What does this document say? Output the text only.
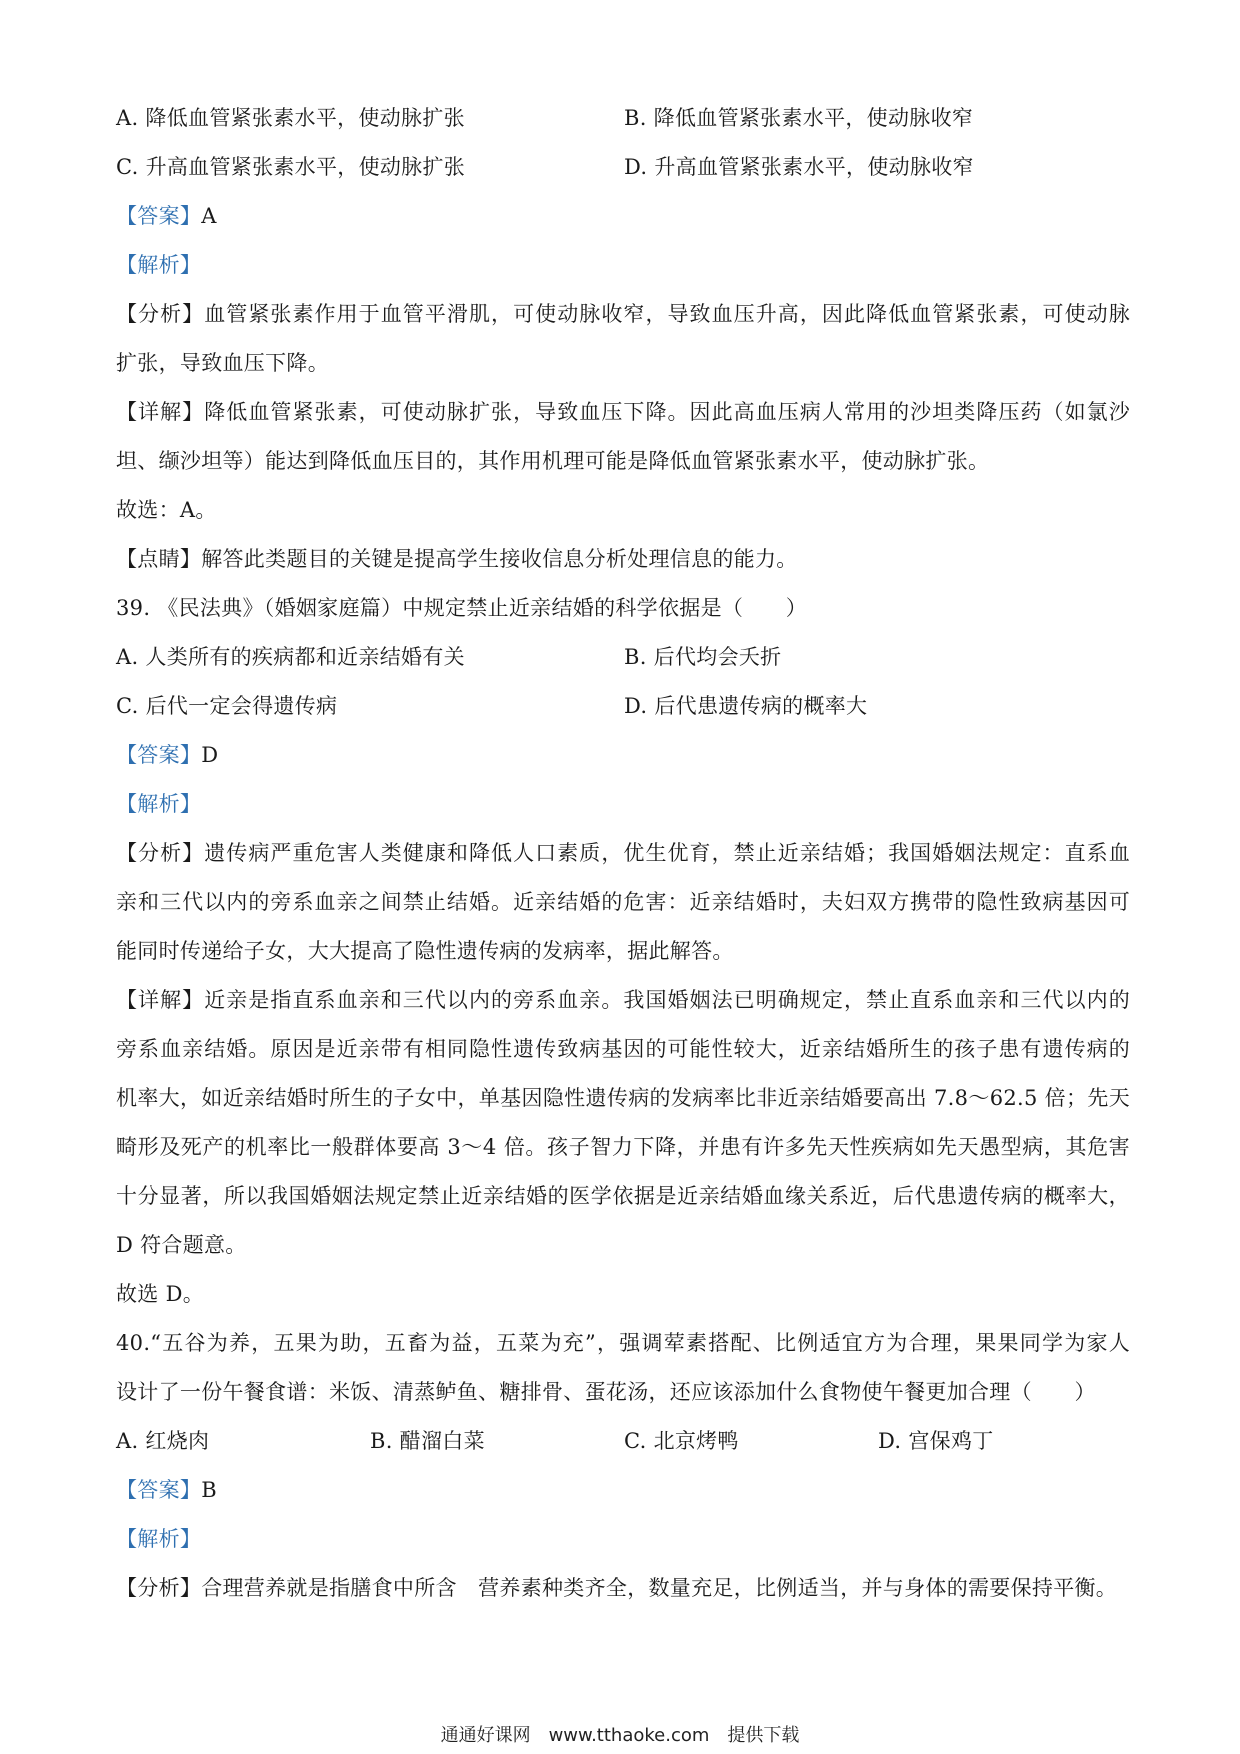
A. 降低血管紧张素水平，使动脉扩张	B. 降低血管紧张素水平，使动脉收窄
C. 升高血管紧张素水平，使动脉扩张	D. 升高血管紧张素水平，使动脉收窄
【答案】A
【解析】
【分析】血管紧张素作用于血管平滑肌，可使动脉收窄，导致血压升高，因此降低血管紧张素，可使动脉
扩张，导致血压下降。
【详解】降低血管紧张素，可使动脉扩张，导致血压下降。因此高血压病人常用的沙坦类降压药（如氯沙
坦、缬沙坦等）能达到降低血压目的，其作用机理可能是降低血管紧张素水平，使动脉扩张。
故选：A。
【点睛】解答此类题目的关键是提高学生接收信息分析处理信息的能力。
39. 《民法典》（婚姻家庭篇）中规定禁止近亲结婚的科学依据是（　　）
A. 人类所有的疾病都和近亲结婚有关	B. 后代均会夭折
C. 后代一定会得遗传病	D. 后代患遗传病的概率大
【答案】D
【解析】
【分析】遗传病严重危害人类健康和降低人口素质，优生优育，禁止近亲结婚；我国婚姻法规定：直系血
亲和三代以内的旁系血亲之间禁止结婚。近亲结婚的危害：近亲结婚时，夫妇双方携带的隐性致病基因可
能同时传递给子女，大大提高了隐性遗传病的发病率，据此解答。
【详解】近亲是指直系血亲和三代以内的旁系血亲。我国婚姻法已明确规定，禁止直系血亲和三代以内的
旁系血亲结婚。原因是近亲带有相同隐性遗传致病基因的可能性较大，近亲结婚所生的孩子患有遗传病的
机率大，如近亲结婚时所生的子女中，单基因隐性遗传病的发病率比非近亲结婚要高出 7.8～62.5 倍；先天
畸形及死产的机率比一般群体要高 3～4 倍。孩子智力下降，并患有许多先天性疾病如先天愚型病，其危害
十分显著，所以我国婚姻法规定禁止近亲结婚的医学依据是近亲结婚血缘关系近，后代患遗传病的概率大，
D 符合题意。
故选 D。
40.“五谷为养，五果为助，五畜为益，五菜为充”，强调荤素搭配、比例适宜方为合理，果果同学为家人
设计了一份午餐食谱：米饭、清蒸鲈鱼、糖排骨、蛋花汤，还应该添加什么食物使午餐更加合理（　　）
A. 红烧肉	B. 醋溜白菜	C. 北京烤鸭	D. 宫保鸡丁
【答案】B
【解析】
【分析】合理营养就是指膳食中所含　营养素种类齐全，数量充足，比例适当，并与身体的需要保持平衡。
通通好课网　www.tthaoke.com　提供下载
